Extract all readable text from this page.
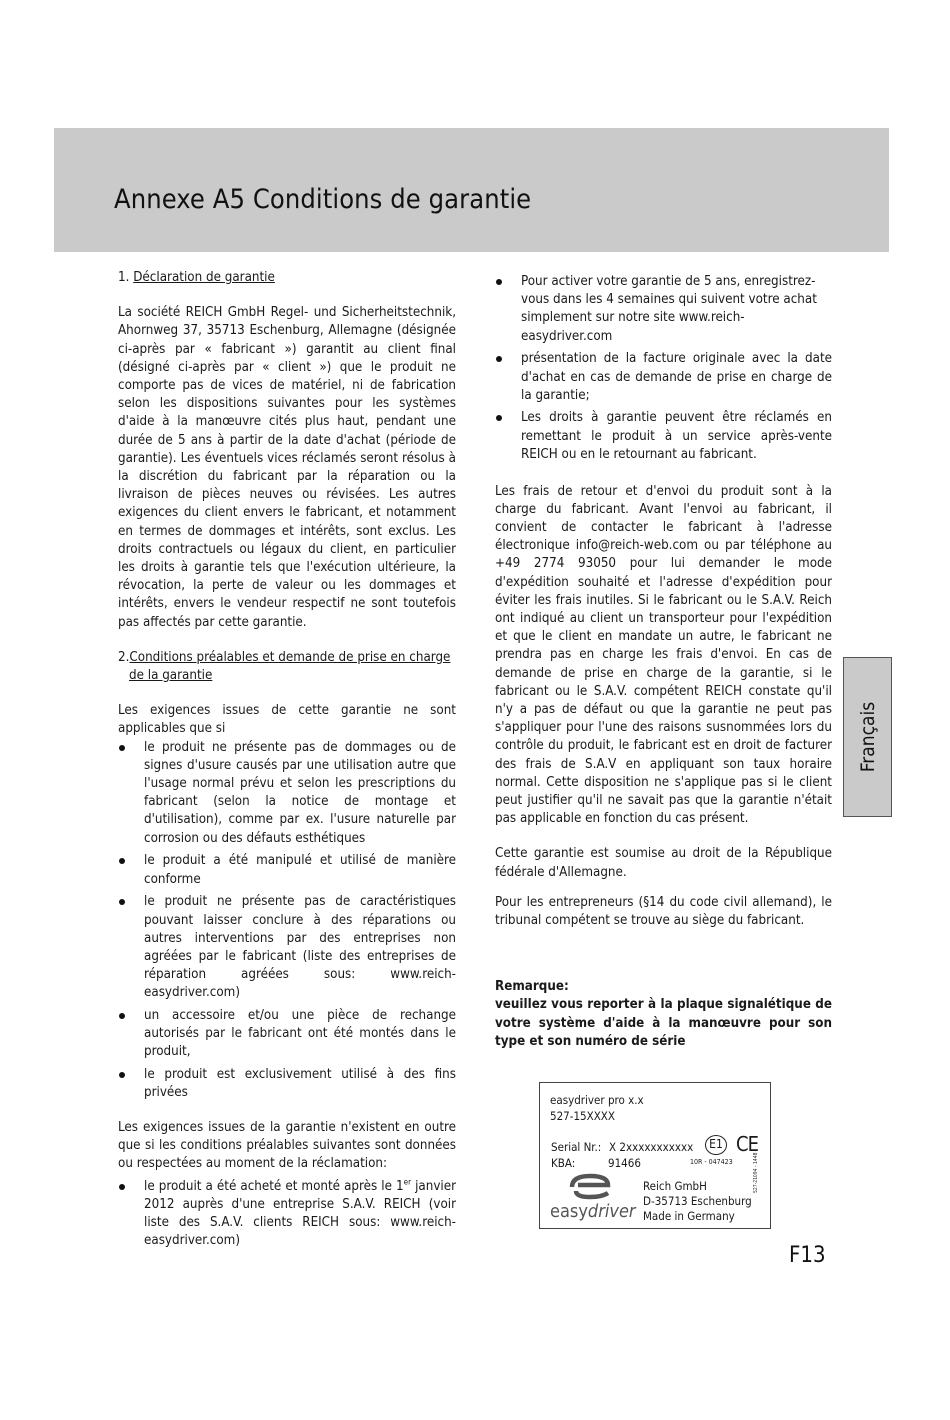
Annexe A5 Conditions de garantie

1. Déclaration de garantie

La société REICH GmbH Regel- und Sicherheitstechnik, Ahornweg 37, 35713 Eschenburg, Allemagne (désignée ci-après par « fabricant ») garantit au client final (désigné ci-après par « client ») que le produit ne comporte pas de vices de matériel, ni de fabrication selon les dispositions suivantes pour les systèmes d'aide à la manœuvre cités plus haut, pendant une durée de 5 ans à partir de la date d'achat (période de garantie). Les éventuels vices réclamés seront résolus à la discrétion du fabricant par la réparation ou la livraison de pièces neuves ou révisées. Les autres exigences du client envers le fabricant, et notamment en termes de dommages et intérêts, sont exclus. Les droits contractuels ou légaux du client, en particulier les droits à garantie tels que l'exécution ultérieure, la révocation, la perte de valeur ou les dommages et intérêts, envers le vendeur respectif ne sont toutefois pas affectés par cette garantie.

2.Conditions préalables et demande de prise en charge de la garantie

Les exigences issues de cette garantie ne sont applicables que si

le produit ne présente pas de dommages ou de signes d'usure causés par une utilisation autre que l'usage normal prévu et selon les prescriptions du fabricant (selon la notice de montage et d'utilisation), comme par ex. l'usure naturelle par corrosion ou des défauts esthétiques
le produit a été manipulé et utilisé de manière conforme
le produit ne présente pas de caractéristiques pouvant laisser conclure à des réparations ou autres interventions par des entreprises non agréées par le fabricant (liste des entreprises de réparation agréées sous: www.reich-easydriver.com)
un accessoire et/ou une pièce de rechange autorisés par le fabricant ont été montés dans le produit,
le produit est exclusivement utilisé à des fins privées

Les exigences issues de la garantie n'existent en outre que si les conditions préalables suivantes sont données ou respectées au moment de la réclamation:

le produit a été acheté et monté après le 1er janvier 2012 auprès d'une entreprise S.A.V. REICH (voir liste des S.A.V. clients REICH sous: www.reich-easydriver.com)
Pour activer votre garantie de 5 ans, enregistrez-vous dans les 4 semaines qui suivent votre achat simplement sur notre site www.reich-easydriver.com
présentation de la facture originale avec la date d'achat en cas de demande de prise en charge de la garantie;
Les droits à garantie peuvent être réclamés en remettant le produit à un service après-vente REICH ou en le retournant au fabricant.

Les frais de retour et d'envoi du produit sont à la charge du fabricant. Avant l'envoi au fabricant, il convient de contacter le fabricant à l'adresse électronique info@reich-web.com ou par téléphone au +49 2774 93050 pour lui demander le mode d'expédition souhaité et l'adresse d'expédition pour éviter les frais inutiles. Si le fabricant ou le S.A.V. Reich ont indiqué au client un transporteur pour l'expédition et que le client en mandate un autre, le fabricant ne prendra pas en charge les frais d'envoi. En cas de demande de prise en charge de la garantie, si le fabricant ou le S.A.V. compétent REICH constate qu'il n'y a pas de défaut ou que la garantie ne peut pas s'appliquer pour l'une des raisons susnommées lors du contrôle du produit, le fabricant est en droit de facturer des frais de S.A.V en appliquant son taux horaire normal. Cette disposition ne s'applique pas si le client peut justifier qu'il ne savait pas que la garantie n'était pas applicable en fonction du cas présent.

Cette garantie est soumise au droit de la République fédérale d'Allemagne.

Pour les entrepreneurs (§14 du code civil allemand), le tribunal compétent se trouve au siège du fabricant.

Remarque:

veuillez vous reporter à la plaque signalétique de votre système d'aide à la manœuvre pour son type et son numéro de série

Français
easydriver pro x.x
527-15XXXX
Serial Nr.: X 2xxxxxxxxxxx
KBA:	91466
E1
10R - 047423
CE
easydriver
Reich GmbH
D-35713 Eschenburg
Made in Germany
527-21094 - 1448
F13
